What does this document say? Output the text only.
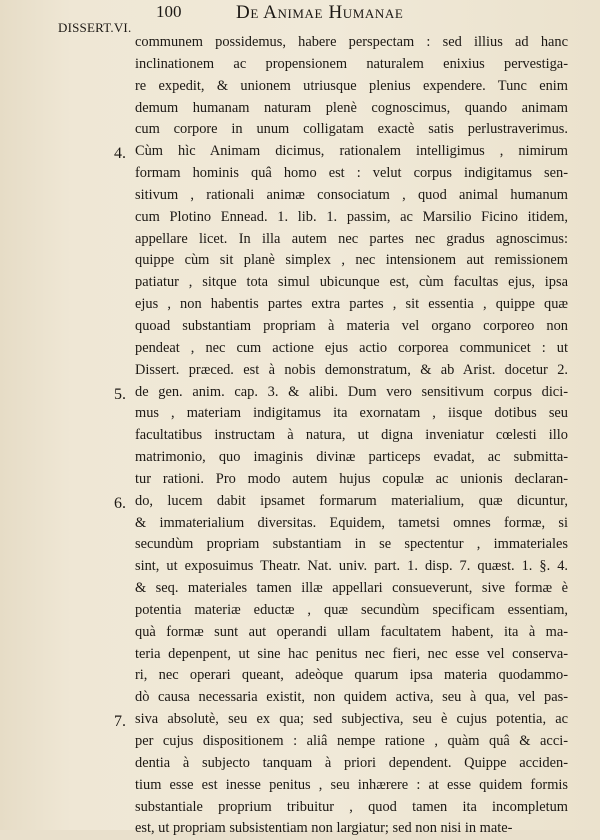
100	De Animae Humanae
DISSERT.VI.
4.
5.
6.
7.
communem possidemus, habere perspectam : sed illius ad hanc
inclinationem ac propensionem naturalem enixius pervestiga-
re expedit, & unionem utriusque plenius expendere. Tunc enim
demum humanam naturam plenè cognoscimus, quando animam
cum corpore in unum colligatam exactè satis perlustraverimus.
Cùm hìc Animam dicimus, rationalem intelligimus , nimirum
formam hominis quâ homo est : velut corpus indigitamus sen-
sitivum , rationali animæ consociatum , quod animal humanum
cum Plotino Ennead. 1. lib. 1. passim, ac Marsilio Ficino itidem,
appellare licet. In illa autem nec partes nec gradus agnoscimus:
quippe cùm sit planè simplex , nec intensionem aut remissionem
patiatur , sitque tota simul ubicunque est, cùm facultas ejus, ipsa
ejus , non habentis partes extra partes , sit essentia , quippe quæ
quoad substantiam propriam à materia vel organo corporeo non
pendeat , nec cum actione ejus actio corporea communicet : ut
Dissert. præced. est à nobis demonstratum, & ab Arist. docetur 2.
de gen. anim. cap. 3. & alibi. Dum vero sensitivum corpus dici-
mus , materiam indigitamus ita exornatam , iisque dotibus seu
facultatibus instructam à natura, ut digna inveniatur cœlesti illo
matrimonio, quo imaginis divinæ particeps evadat, ac submitta-
tur rationi. Pro modo autem hujus copulæ ac unionis declaran-
do, lucem dabit ipsamet formarum materialium, quæ dicuntur,
& immaterialium diversitas. Equidem, tametsi omnes formæ, si
secundùm propriam substantiam in se spectentur , immateriales
sint, ut exposuimus Theatr. Nat. univ. part. 1. disp. 7. quæst. 1. §. 4.
& seq. materiales tamen illæ appellari consueverunt, sive formæ è
potentia materiæ eductæ , quæ secundùm specificam essentiam,
quà formæ sunt aut operandi ullam facultatem habent, ita à ma-
teria depenpent, ut sine hac penitus nec fieri, nec esse vel conserva-
ri, nec operari queant, adeòque quarum ipsa materia quodammo-
dò causa necessaria existit, non quidem activa, seu à qua, vel pas-
siva absolutè, seu ex qua; sed subjectiva, seu è cujus potentia, ac
per cujus dispositionem : aliâ nempe ratione , quàm quâ & acci-
dentia à subjecto tanquam à priori dependent. Quippe acciden-
tium esse est inesse penitus , seu inhærere : at esse quidem formis
substantiale proprium tribuitur , quod tamen ita incompletum
est, ut propriam subsistentiam non largiatur; sed non nisi in mate-
